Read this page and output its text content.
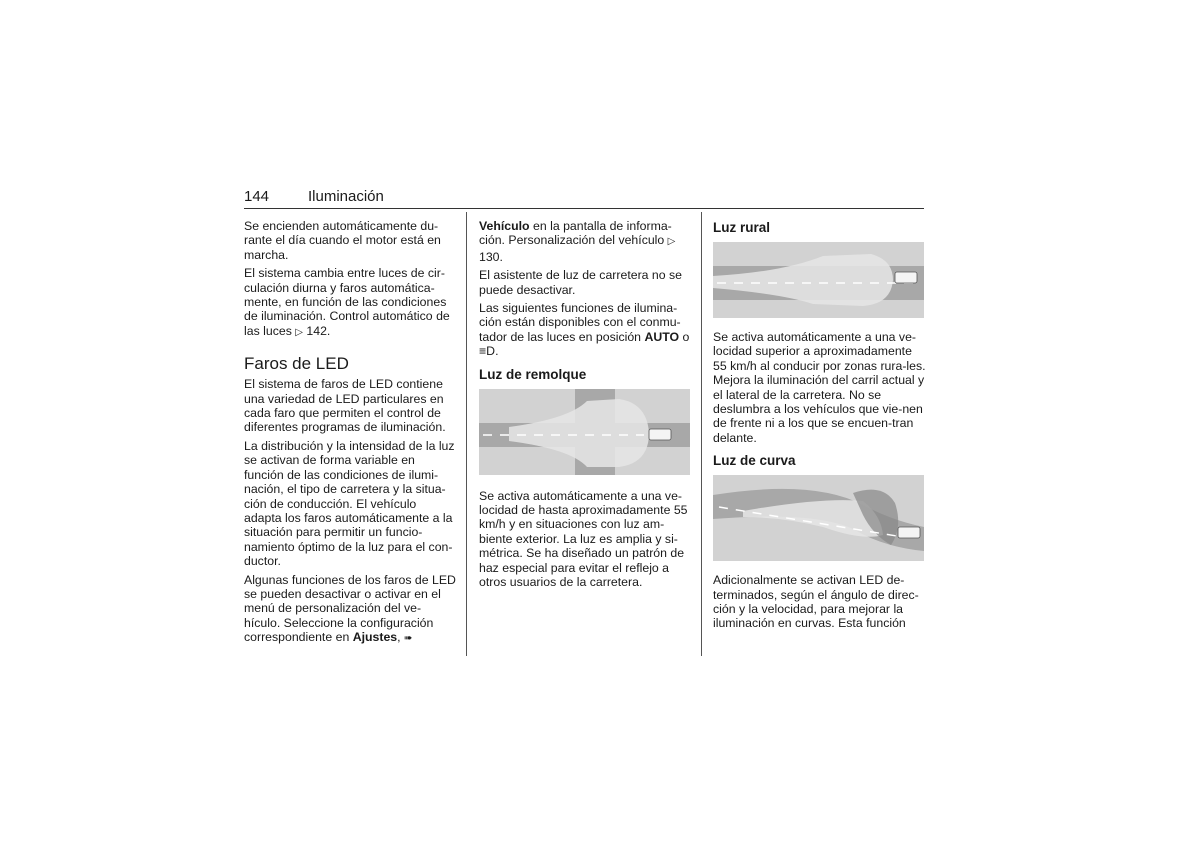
144	Iluminación

Se encienden automáticamente du-rante el día cuando el motor está en marcha.

El sistema cambia entre luces de cir-culación diurna y faros automática-mente, en función de las condiciones de iluminación. Control automático de las luces ▷ 142.

Faros de LED

El sistema de faros de LED contiene una variedad de LED particulares en cada faro que permiten el control de diferentes programas de iluminación.

La distribución y la intensidad de la luz se activan de forma variable en función de las condiciones de ilumi-nación, el tipo de carretera y la situa-ción de conducción. El vehículo adapta los faros automáticamente a la situación para permitir un funcio-namiento óptimo de la luz para el con-ductor.

Algunas funciones de los faros de LED se pueden desactivar o activar en el menú de personalización del ve-hículo. Seleccione la configuración correspondiente en Ajustes, ➠

Vehículo en la pantalla de informa-ción. Personalización del vehículo ▷ 130.

El asistente de luz de carretera no se puede desactivar.

Las siguientes funciones de ilumina-ción están disponibles con el conmu-tador de las luces en posición AUTO o ≡D.

Luz de remolque

Se activa automáticamente a una ve-locidad de hasta aproximadamente 55 km/h y en situaciones con luz am-biente exterior. La luz es amplia y si-métrica. Se ha diseñado un patrón de haz especial para evitar el reflejo a otros usuarios de la carretera.

Luz rural

Se activa automáticamente a una ve-locidad superior a aproximadamente 55 km/h al conducir por zonas rura-les. Mejora la iluminación del carril actual y el lateral de la carretera. No se deslumbra a los vehículos que vie-nen de frente ni a los que se encuen-tran delante.

Luz de curva

Adicionalmente se activan LED de-terminados, según el ángulo de direc-ción y la velocidad, para mejorar la iluminación en curvas. Esta función
